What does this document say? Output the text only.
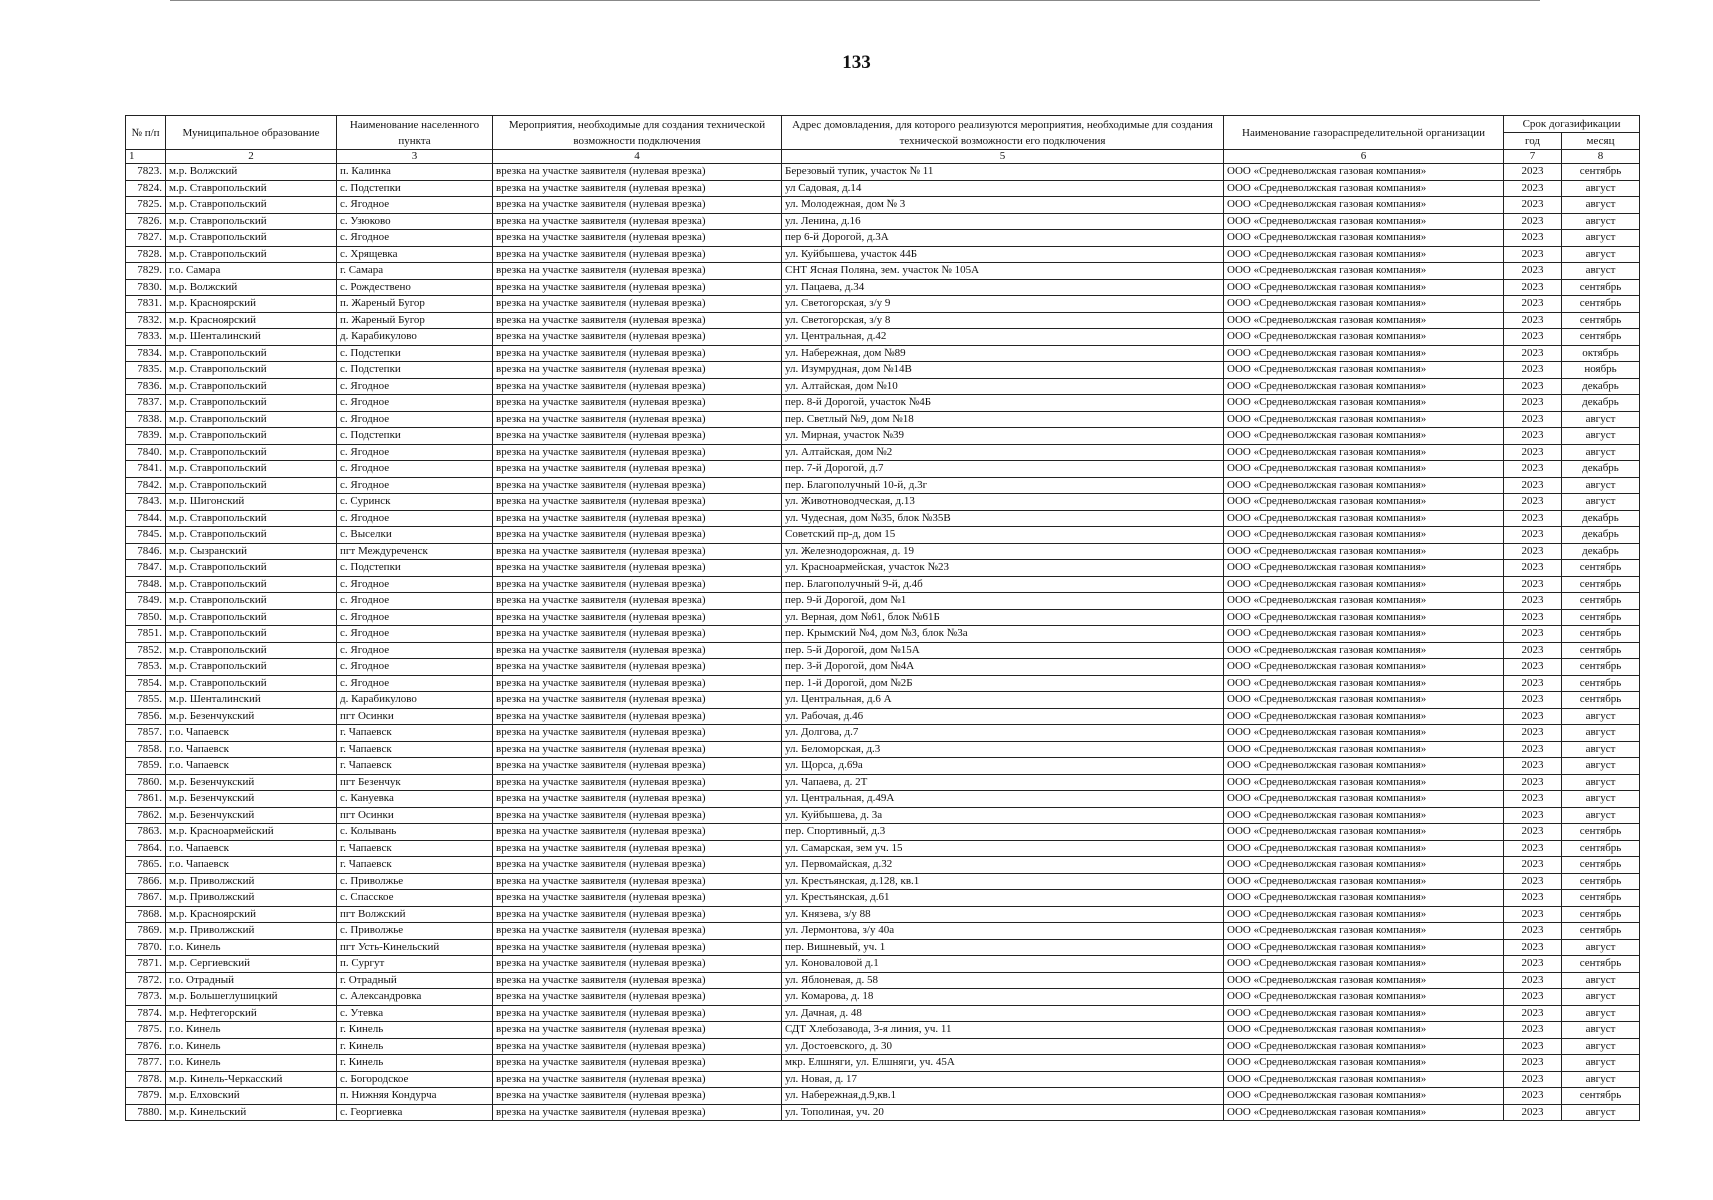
133
№ п/п	Муниципальное образование	Наименование населенного пункта	Мероприятия, необходимые для создания технической возможности подключения	Адрес домовладения, для которого реализуются мероприятия, необходимые для создания технической возможности его подключения	Наименование газораспределительной организации	Срок догазификации	
						год	месяц
1	2	3	4	5	6	7	8
7823.	м.р. Волжский	п. Калинка	врезка на участке заявителя (нулевая врезка)	Березовый тупик, участок № 11	ООО «Средневолжская газовая компания»	2023	сентябрь
7824.	м.р. Ставропольский	с. Подстепки	врезка на участке заявителя (нулевая врезка)	ул Садовая, д.14	ООО «Средневолжская газовая компания»	2023	август
7825.	м.р. Ставропольский	с. Ягодное	врезка на участке заявителя (нулевая врезка)	ул. Молодежная, дом № 3	ООО «Средневолжская газовая компания»	2023	август
7826.	м.р. Ставропольский	с. Узюково	врезка на участке заявителя (нулевая врезка)	ул. Ленина, д.16	ООО «Средневолжская газовая компания»	2023	август
7827.	м.р. Ставропольский	с. Ягодное	врезка на участке заявителя (нулевая врезка)	пер 6-й Дорогой, д.3А	ООО «Средневолжская газовая компания»	2023	август
7828.	м.р. Ставропольский	с. Хрящевка	врезка на участке заявителя (нулевая врезка)	ул. Куйбышева, участок 44Б	ООО «Средневолжская газовая компания»	2023	август
7829.	г.о. Самара	г. Самара	врезка на участке заявителя (нулевая врезка)	СНТ Ясная Поляна, зем. участок № 105А	ООО «Средневолжская газовая компания»	2023	август
7830.	м.р. Волжский	с. Рождествено	врезка на участке заявителя (нулевая врезка)	ул. Пацаева, д.34	ООО «Средневолжская газовая компания»	2023	сентябрь
7831.	м.р. Красноярский	п. Жареный Бугор	врезка на участке заявителя (нулевая врезка)	ул. Светогорская, з/у 9	ООО «Средневолжская газовая компания»	2023	сентябрь
7832.	м.р. Красноярский	п. Жареный Бугор	врезка на участке заявителя (нулевая врезка)	ул. Светогорская, з/у 8	ООО «Средневолжская газовая компания»	2023	сентябрь
7833.	м.р. Шенталинский	д. Карабикулово	врезка на участке заявителя (нулевая врезка)	ул. Центральная, д.42	ООО «Средневолжская газовая компания»	2023	сентябрь
7834.	м.р. Ставропольский	с. Подстепки	врезка на участке заявителя (нулевая врезка)	ул. Набережная, дом №89	ООО «Средневолжская газовая компания»	2023	октябрь
7835.	м.р. Ставропольский	с. Подстепки	врезка на участке заявителя (нулевая врезка)	ул. Изумрудная, дом №14В	ООО «Средневолжская газовая компания»	2023	ноябрь
7836.	м.р. Ставропольский	с. Ягодное	врезка на участке заявителя (нулевая врезка)	ул. Алтайская, дом №10	ООО «Средневолжская газовая компания»	2023	декабрь
7837.	м.р. Ставропольский	с. Ягодное	врезка на участке заявителя (нулевая врезка)	пер. 8-й Дорогой, участок №4Б	ООО «Средневолжская газовая компания»	2023	декабрь
7838.	м.р. Ставропольский	с. Ягодное	врезка на участке заявителя (нулевая врезка)	пер. Светлый №9, дом №18	ООО «Средневолжская газовая компания»	2023	август
7839.	м.р. Ставропольский	с. Подстепки	врезка на участке заявителя (нулевая врезка)	ул. Мирная, участок №39	ООО «Средневолжская газовая компания»	2023	август
7840.	м.р. Ставропольский	с. Ягодное	врезка на участке заявителя (нулевая врезка)	ул. Алтайская, дом №2	ООО «Средневолжская газовая компания»	2023	август
7841.	м.р. Ставропольский	с. Ягодное	врезка на участке заявителя (нулевая врезка)	пер. 7-й Дорогой, д.7	ООО «Средневолжская газовая компания»	2023	декабрь
7842.	м.р. Ставропольский	с. Ягодное	врезка на участке заявителя (нулевая врезка)	пер. Благополучный 10-й, д.3г	ООО «Средневолжская газовая компания»	2023	август
7843.	м.р. Шигонский	с. Суринск	врезка на участке заявителя (нулевая врезка)	ул. Животноводческая, д.13	ООО «Средневолжская газовая компания»	2023	август
7844.	м.р. Ставропольский	с. Ягодное	врезка на участке заявителя (нулевая врезка)	ул. Чудесная, дом №35, блок №35В	ООО «Средневолжская газовая компания»	2023	декабрь
7845.	м.р. Ставропольский	с. Выселки	врезка на участке заявителя (нулевая врезка)	Советский пр-д, дом 15	ООО «Средневолжская газовая компания»	2023	декабрь
7846.	м.р. Сызранский	пгт Междуреченск	врезка на участке заявителя (нулевая врезка)	ул. Железнодорожная, д. 19	ООО «Средневолжская газовая компания»	2023	декабрь
7847.	м.р. Ставропольский	с. Подстепки	врезка на участке заявителя (нулевая врезка)	ул. Красноармейская, участок №23	ООО «Средневолжская газовая компания»	2023	сентябрь
7848.	м.р. Ставропольский	с. Ягодное	врезка на участке заявителя (нулевая врезка)	пер. Благополучный 9-й, д.4б	ООО «Средневолжская газовая компания»	2023	сентябрь
7849.	м.р. Ставропольский	с. Ягодное	врезка на участке заявителя (нулевая врезка)	пер. 9-й Дорогой, дом №1	ООО «Средневолжская газовая компания»	2023	сентябрь
7850.	м.р. Ставропольский	с. Ягодное	врезка на участке заявителя (нулевая врезка)	ул. Верная, дом №61, блок №61Б	ООО «Средневолжская газовая компания»	2023	сентябрь
7851.	м.р. Ставропольский	с. Ягодное	врезка на участке заявителя (нулевая врезка)	пер. Крымский №4, дом №3, блок №3а	ООО «Средневолжская газовая компания»	2023	сентябрь
7852.	м.р. Ставропольский	с. Ягодное	врезка на участке заявителя (нулевая врезка)	пер. 5-й Дорогой, дом №15А	ООО «Средневолжская газовая компания»	2023	сентябрь
7853.	м.р. Ставропольский	с. Ягодное	врезка на участке заявителя (нулевая врезка)	пер. 3-й Дорогой, дом №4А	ООО «Средневолжская газовая компания»	2023	сентябрь
7854.	м.р. Ставропольский	с. Ягодное	врезка на участке заявителя (нулевая врезка)	пер. 1-й Дорогой, дом №2Б	ООО «Средневолжская газовая компания»	2023	сентябрь
7855.	м.р. Шенталинский	д. Карабикулово	врезка на участке заявителя (нулевая врезка)	ул. Центральная, д.6 А	ООО «Средневолжская газовая компания»	2023	сентябрь
7856.	м.р. Безенчукский	пгт Осинки	врезка на участке заявителя (нулевая врезка)	ул. Рабочая, д.46	ООО «Средневолжская газовая компания»	2023	август
7857.	г.о. Чапаевск	г. Чапаевск	врезка на участке заявителя (нулевая врезка)	ул. Долгова, д.7	ООО «Средневолжская газовая компания»	2023	август
7858.	г.о. Чапаевск	г. Чапаевск	врезка на участке заявителя (нулевая врезка)	ул. Беломорская, д.3	ООО «Средневолжская газовая компания»	2023	август
7859.	г.о. Чапаевск	г. Чапаевск	врезка на участке заявителя (нулевая врезка)	ул. Щорса, д.69а	ООО «Средневолжская газовая компания»	2023	август
7860.	м.р. Безенчукский	пгт Безенчук	врезка на участке заявителя (нулевая врезка)	ул. Чапаева, д. 2Т	ООО «Средневолжская газовая компания»	2023	август
7861.	м.р. Безенчукский	с. Кануевка	врезка на участке заявителя (нулевая врезка)	ул. Центральная, д.49А	ООО «Средневолжская газовая компания»	2023	август
7862.	м.р. Безенчукский	пгт Осинки	врезка на участке заявителя (нулевая врезка)	ул. Куйбышева, д. 3а	ООО «Средневолжская газовая компания»	2023	август
7863.	м.р. Красноармейский	с. Колывань	врезка на участке заявителя (нулевая врезка)	пер. Спортивный, д.3	ООО «Средневолжская газовая компания»	2023	сентябрь
7864.	г.о. Чапаевск	г. Чапаевск	врезка на участке заявителя (нулевая врезка)	ул. Самарская, зем уч. 15	ООО «Средневолжская газовая компания»	2023	сентябрь
7865.	г.о. Чапаевск	г. Чапаевск	врезка на участке заявителя (нулевая врезка)	ул. Первомайская, д.32	ООО «Средневолжская газовая компания»	2023	сентябрь
7866.	м.р. Приволжский	с. Приволжье	врезка на участке заявителя (нулевая врезка)	ул. Крестьянская, д.128, кв.1	ООО «Средневолжская газовая компания»	2023	сентябрь
7867.	м.р. Приволжский	с. Спасское	врезка на участке заявителя (нулевая врезка)	ул. Крестьянская, д.61	ООО «Средневолжская газовая компания»	2023	сентябрь
7868.	м.р. Красноярский	пгт Волжский	врезка на участке заявителя (нулевая врезка)	ул. Князева, з/у 88	ООО «Средневолжская газовая компания»	2023	сентябрь
7869.	м.р. Приволжский	с. Приволжье	врезка на участке заявителя (нулевая врезка)	ул. Лермонтова, з/у 40а	ООО «Средневолжская газовая компания»	2023	сентябрь
7870.	г.о. Кинель	пгт Усть-Кинельский	врезка на участке заявителя (нулевая врезка)	пер. Вишневый, уч. 1	ООО «Средневолжская газовая компания»	2023	август
7871.	м.р. Сергиевский	п. Сургут	врезка на участке заявителя (нулевая врезка)	ул. Коноваловой д.1	ООО «Средневолжская газовая компания»	2023	сентябрь
7872.	г.о. Отрадный	г. Отрадный	врезка на участке заявителя (нулевая врезка)	ул. Яблоневая, д. 58	ООО «Средневолжская газовая компания»	2023	август
7873.	м.р. Большеглушицкий	с. Александровка	врезка на участке заявителя (нулевая врезка)	ул. Комарова, д. 18	ООО «Средневолжская газовая компания»	2023	август
7874.	м.р. Нефтегорский	с. Утевка	врезка на участке заявителя (нулевая врезка)	ул. Дачная, д. 48	ООО «Средневолжская газовая компания»	2023	август
7875.	г.о. Кинель	г. Кинель	врезка на участке заявителя (нулевая врезка)	СДТ Хлебозавода, 3-я линия, уч. 11	ООО «Средневолжская газовая компания»	2023	август
7876.	г.о. Кинель	г. Кинель	врезка на участке заявителя (нулевая врезка)	ул. Достоевского, д. 30	ООО «Средневолжская газовая компания»	2023	август
7877.	г.о. Кинель	г. Кинель	врезка на участке заявителя (нулевая врезка)	мкр. Елшняги, ул. Елшняги, уч. 45А	ООО «Средневолжская газовая компания»	2023	август
7878.	м.р. Кинель-Черкасский	с. Богородское	врезка на участке заявителя (нулевая врезка)	ул. Новая, д. 17	ООО «Средневолжская газовая компания»	2023	август
7879.	м.р. Елховский	п. Нижняя Кондурча	врезка на участке заявителя (нулевая врезка)	ул. Набережная,д.9,кв.1	ООО «Средневолжская газовая компания»	2023	сентябрь
7880.	м.р. Кинельский	с. Георгиевка	врезка на участке заявителя (нулевая врезка)	ул. Тополиная, уч. 20	ООО «Средневолжская газовая компания»	2023	август
